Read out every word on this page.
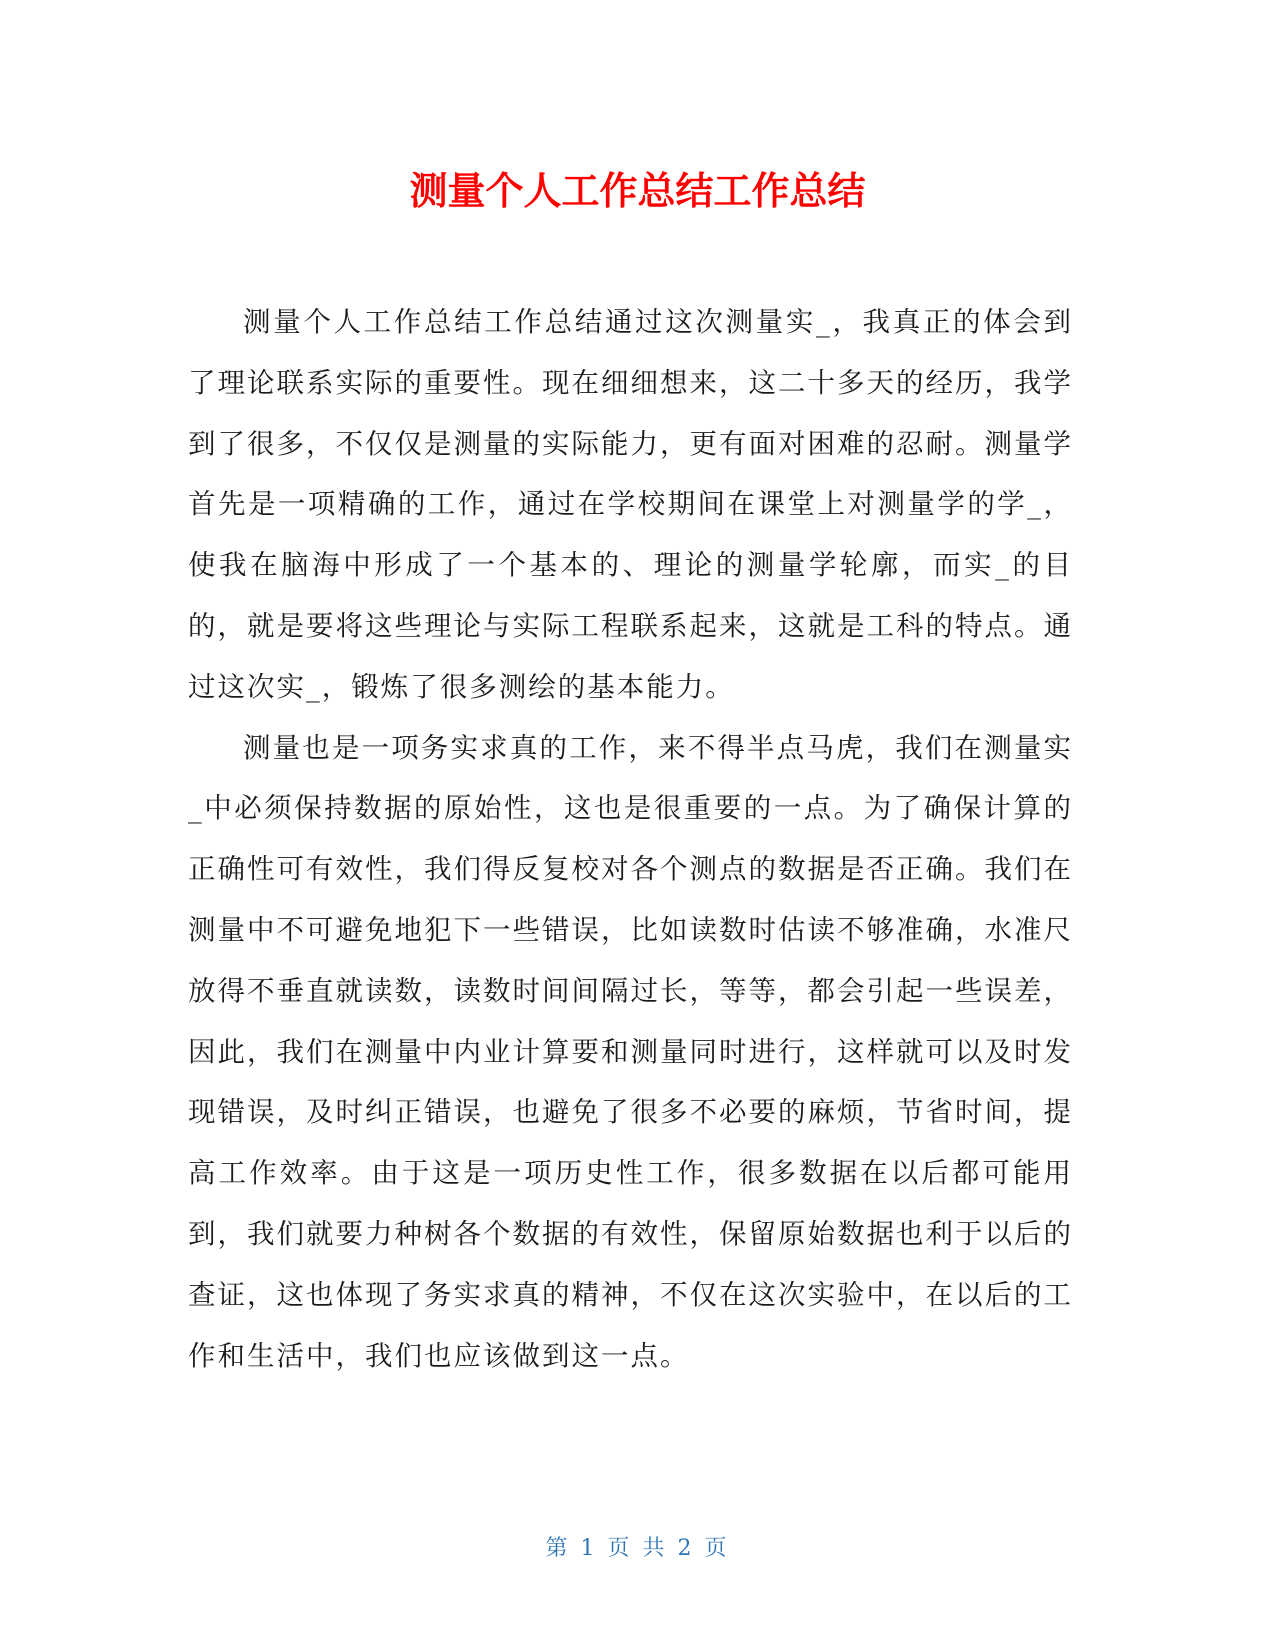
测量个人工作总结工作总结

测量个人工作总结工作总结通过这次测量实_，我真正的体会到了理论联系实际的重要性。现在细细想来，这二十多天的经历，我学到了很多，不仅仅是测量的实际能力，更有面对困难的忍耐。测量学首先是一项精确的工作，通过在学校期间在课堂上对测量学的学_，使我在脑海中形成了一个基本的、理论的测量学轮廓，而实_的目的，就是要将这些理论与实际工程联系起来，这就是工科的特点。通过这次实_，锻炼了很多测绘的基本能力。

测量也是一项务实求真的工作，来不得半点马虎，我们在测量实_中必须保持数据的原始性，这也是很重要的一点。为了确保计算的正确性可有效性，我们得反复校对各个测点的数据是否正确。我们在测量中不可避免地犯下一些错误，比如读数时估读不够准确，水准尺放得不垂直就读数，读数时间间隔过长，等等，都会引起一些误差，因此，我们在测量中内业计算要和测量同时进行，这样就可以及时发现错误，及时纠正错误，也避免了很多不必要的麻烦，节省时间，提高工作效率。由于这是一项历史性工作，很多数据在以后都可能用到，我们就要力种树各个数据的有效性，保留原始数据也利于以后的查证，这也体现了务实求真的精神，不仅在这次实验中，在以后的工作和生活中，我们也应该做到这一点。

第 1 页 共 2 页
